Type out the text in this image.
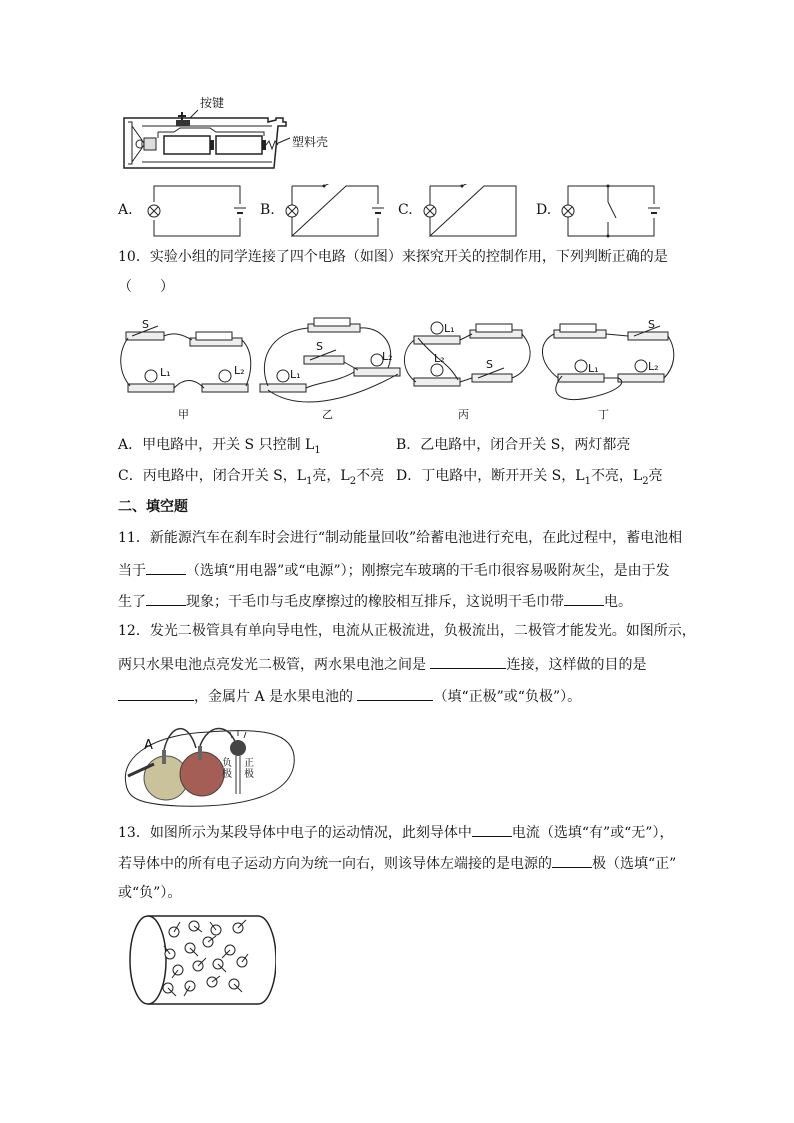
按键
塑料壳
A.	B.	C.	D.
10．实验小组的同学连接了四个电路（如图）来探究开关的控制作用，下列判断正确的是
（　　）
甲	乙	丙	丁
S
L₁	L₂
S
L₁
L₂
L₁
L₂	S
S
L₁	L₂
A．甲电路中，开关 S 只控制 $L_1$	B．乙电路中，闭合开关 S，两灯都亮
C．丙电路中，闭合开关 S，$L_1$亮，$L_2$不亮 D．丁电路中，断开开关 S，$L_1$不亮，$L_2$亮
二、填空题
11．新能源汽车在刹车时会进行“制动能量回收”给蓄电池进行充电，在此过程中，蓄电池相
当于	（选填“用电器”或“电源”）；刚擦完车玻璃的干毛巾很容易吸附灰尘，是由于发
生了	现象；干毛巾与毛皮摩擦过的橡胶相互排斥，这说明干毛巾带	电。
12．发光二极管具有单向导电性，电流从正极流进，负极流出，二极管才能发光。如图所示，
两只水果电池点亮发光二极管，两水果电池之间是	连接，这样做的目的是
，金属片 A 是水果电池的	（填“正极”或“负极”）。
A
负极
正极
13．如图所示为某段导体中电子的运动情况，此刻导体中	电流（选填“有”或“无”），
若导体中的所有电子运动方向为统一向右，则该导体左端接的是电源的	极（选填“正”
或“负”）。
